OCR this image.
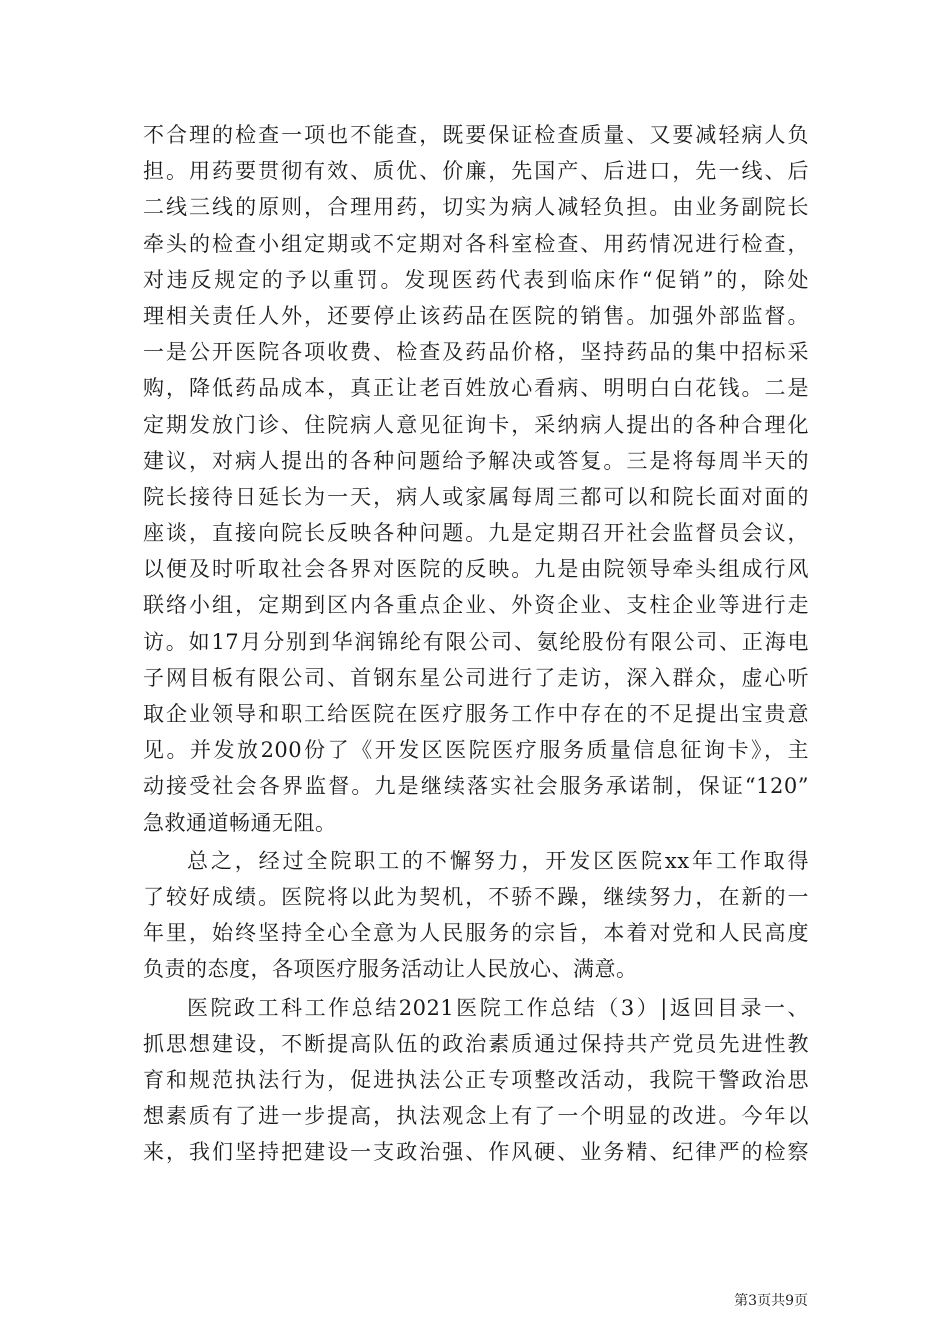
不合理的检查一项也不能查，既要保证检查质量、又要减轻病人负
担。用药要贯彻有效、质优、价廉，先国产、后进口，先一线、后
二线三线的原则，合理用药，切实为病人减轻负担。由业务副院长
牵头的检查小组定期或不定期对各科室检查、用药情况进行检查，
对违反规定的予以重罚。发现医药代表到临床作“促销”的，除处
理相关责任人外，还要停止该药品在医院的销售。加强外部监督。
一是公开医院各项收费、检查及药品价格，坚持药品的集中招标采
购，降低药品成本，真正让老百姓放心看病、明明白白花钱。二是
定期发放门诊、住院病人意见征询卡，采纳病人提出的各种合理化
建议，对病人提出的各种问题给予解决或答复。三是将每周半天的
院长接待日延长为一天，病人或家属每周三都可以和院长面对面的
座谈，直接向院长反映各种问题。九是定期召开社会监督员会议，
以便及时听取社会各界对医院的反映。九是由院领导牵头组成行风
联络小组，定期到区内各重点企业、外资企业、支柱企业等进行走
访。如17月分别到华润锦纶有限公司、氨纶股份有限公司、正海电
子网目板有限公司、首钢东星公司进行了走访，深入群众，虚心听
取企业领导和职工给医院在医疗服务工作中存在的不足提出宝贵意
见。并发放200份了《开发区医院医疗服务质量信息征询卡》，主
动接受社会各界监督。九是继续落实社会服务承诺制，保证“120”
急救通道畅通无阻。
总之，经过全院职工的不懈努力，开发区医院xx年工作取得
了较好成绩。医院将以此为契机，不骄不躁，继续努力，在新的一
年里，始终坚持全心全意为人民服务的宗旨，本着对党和人民高度
负责的态度，各项医疗服务活动让人民放心、满意。
医院政工科工作总结2021医院工作总结（3）|返回目录一、
抓思想建设，不断提高队伍的政治素质通过保持共产党员先进性教
育和规范执法行为，促进执法公正专项整改活动，我院干警政治思
想素质有了进一步提高，执法观念上有了一个明显的改进。今年以
来，我们坚持把建设一支政治强、作风硬、业务精、纪律严的检察
第3页共9页
